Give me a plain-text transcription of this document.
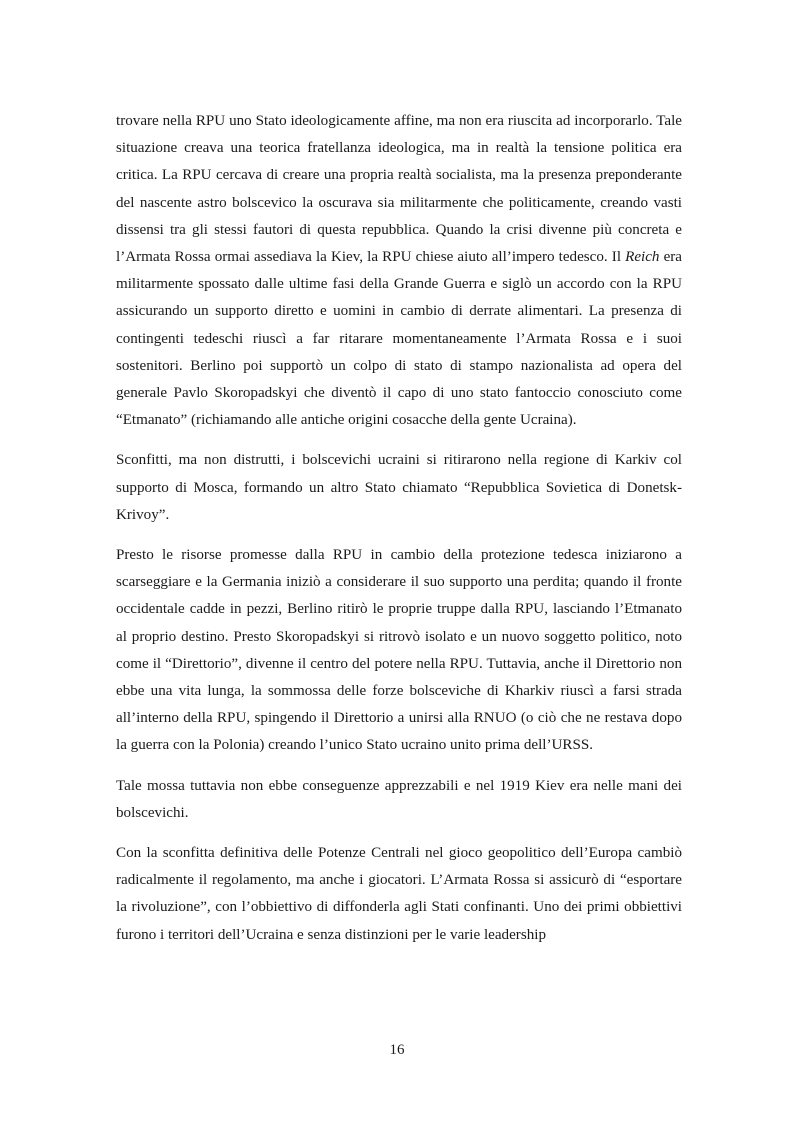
trovare nella RPU uno Stato ideologicamente affine, ma non era riuscita ad incorporarlo. Tale situazione creava una teorica fratellanza ideologica, ma in realtà la tensione politica era critica. La RPU cercava di creare una propria realtà socialista, ma la presenza preponderante del nascente astro bolscevico la oscurava sia militarmente che politicamente, creando vasti dissensi tra gli stessi fautori di questa repubblica. Quando la crisi divenne più concreta e l’Armata Rossa ormai assediava la Kiev, la RPU chiese aiuto all’impero tedesco. Il Reich era militarmente spossato dalle ultime fasi della Grande Guerra e siglò un accordo con la RPU assicurando un supporto diretto e uomini in cambio di derrate alimentari. La presenza di contingenti tedeschi riuscì a far ritarare momentaneamente l’Armata Rossa e i suoi sostenitori. Berlino poi supportò un colpo di stato di stampo nazionalista ad opera del generale Pavlo Skoropadskyi che diventò il capo di uno stato fantoccio conosciuto come “Etmanato” (richiamando alle antiche origini cosacche della gente Ucraina).

Sconfitti, ma non distrutti, i bolscevichi ucraini si ritirarono nella regione di Karkiv col supporto di Mosca, formando un altro Stato chiamato “Repubblica Sovietica di Donetsk-Krivoy”.

Presto le risorse promesse dalla RPU in cambio della protezione tedesca iniziarono a scarseggiare e la Germania iniziò a considerare il suo supporto una perdita; quando il fronte occidentale cadde in pezzi, Berlino ritirò le proprie truppe dalla RPU, lasciando l’Etmanato al proprio destino. Presto Skoropadskyi si ritrovò isolato e un nuovo soggetto politico, noto come il “Direttorio”, divenne il centro del potere nella RPU. Tuttavia, anche il Direttorio non ebbe una vita lunga, la sommossa delle forze bolsceviche di Kharkiv riuscì a farsi strada all’interno della RPU, spingendo il Direttorio a unirsi alla RNUO (o ciò che ne restava dopo la guerra con la Polonia) creando l’unico Stato ucraino unito prima dell’URSS.

Tale mossa tuttavia non ebbe conseguenze apprezzabili e nel 1919 Kiev era nelle mani dei bolscevichi.

Con la sconfitta definitiva delle Potenze Centrali nel gioco geopolitico dell’Europa cambiò radicalmente il regolamento, ma anche i giocatori. L’Armata Rossa si assicurò di “esportare la rivoluzione”, con l’obbiettivo di diffonderla agli Stati confinanti. Uno dei primi obbiettivi furono i territori dell’Ucraina e senza distinzioni per le varie leadership

16
